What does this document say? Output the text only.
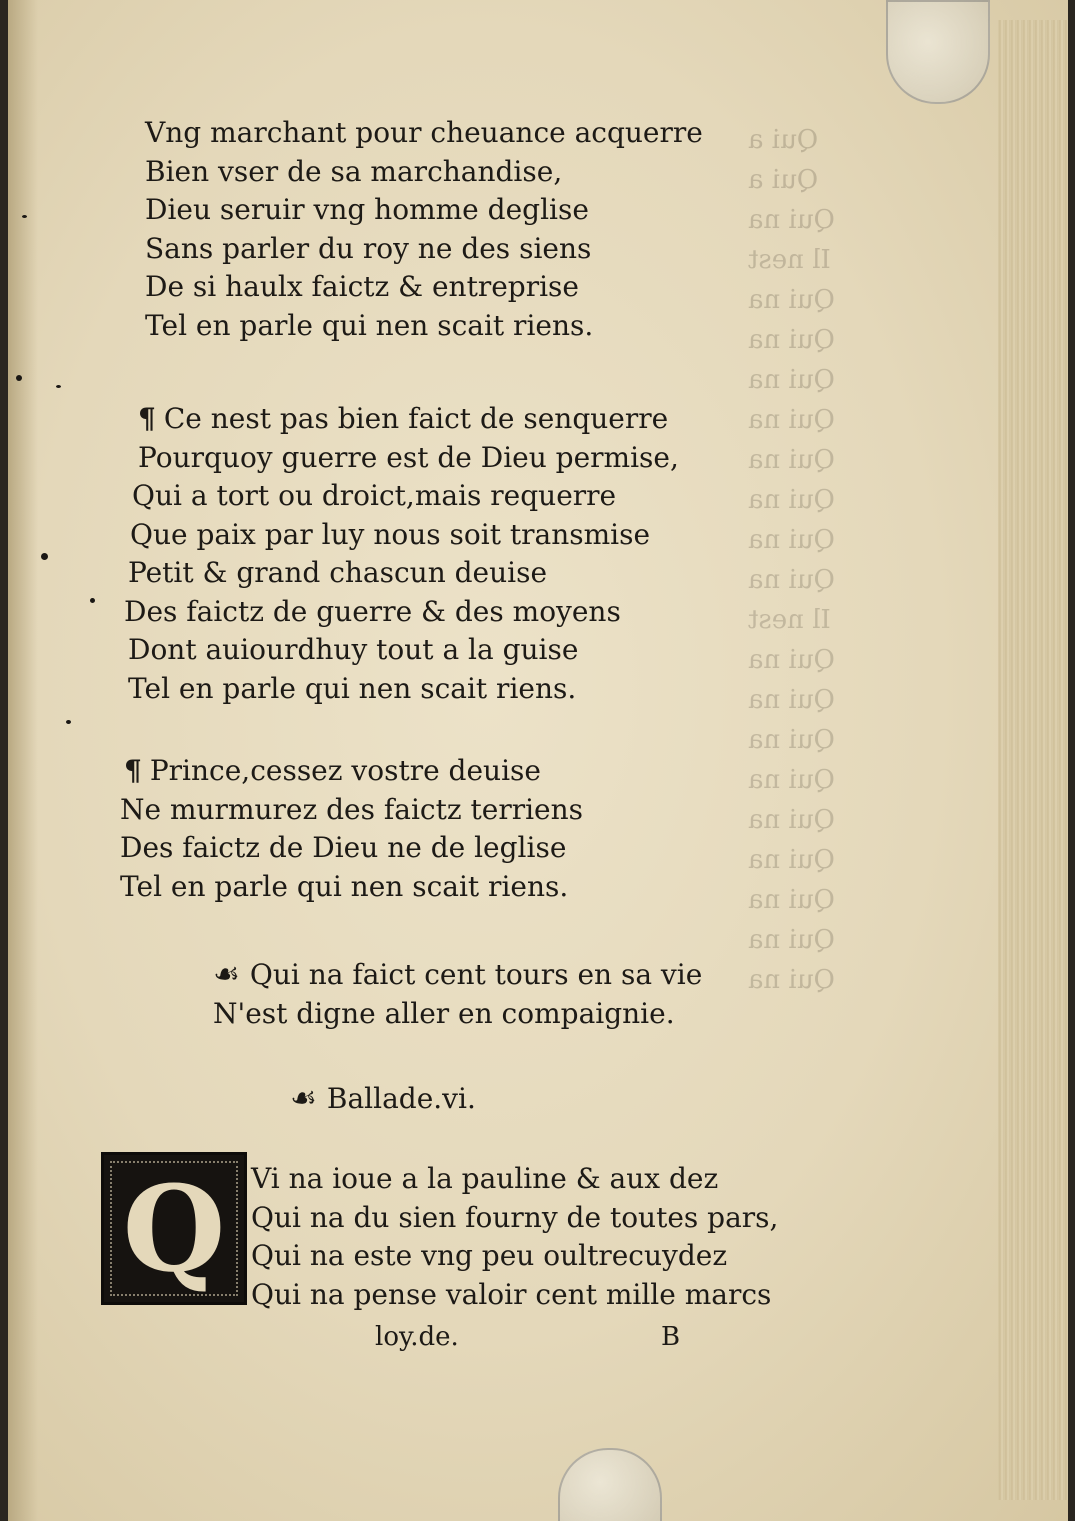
Qui a
Qui a
Qui na
Il nest
Qui na
Qui na
Qui na
Qui na
Qui na
Qui na
Qui na
Qui na
Il nest
Qui na
Qui na
Qui na
Qui na
Qui na
Qui na
Qui na
Qui na
Qui na
Vng marchant pour cheuance acquerre
Bien vser de sa marchandise,
Dieu seruir vng homme deglise
Sans parler du roy ne des siens
De si haulx faictz & entreprise
Tel en parle qui nen scait riens.
¶ Ce nest pas bien faict de senquerre
Pourquoy guerre est de Dieu permise,
Qui a tort ou droict,mais requerre
Que paix par luy nous soit transmise
Petit & grand chascun deuise
Des faictz de guerre & des moyens
Dont auiourdhuy tout a la guise
Tel en parle qui nen scait riens.
¶ Prince,cessez vostre deuise
Ne murmurez des faictz terriens
Des faictz de Dieu ne de leglise
Tel en parle qui nen scait riens.
☙ Qui na faict cent tours en sa vie
N'est digne aller en compaignie.
☙ Ballade.vi.
Q Vi na ioue a la pauline & aux dez
Qui na du sien fourny de toutes pars,
Qui na este vng peu oultrecuydez
Qui na pense valoir cent mille marcs
loy.de.	B
